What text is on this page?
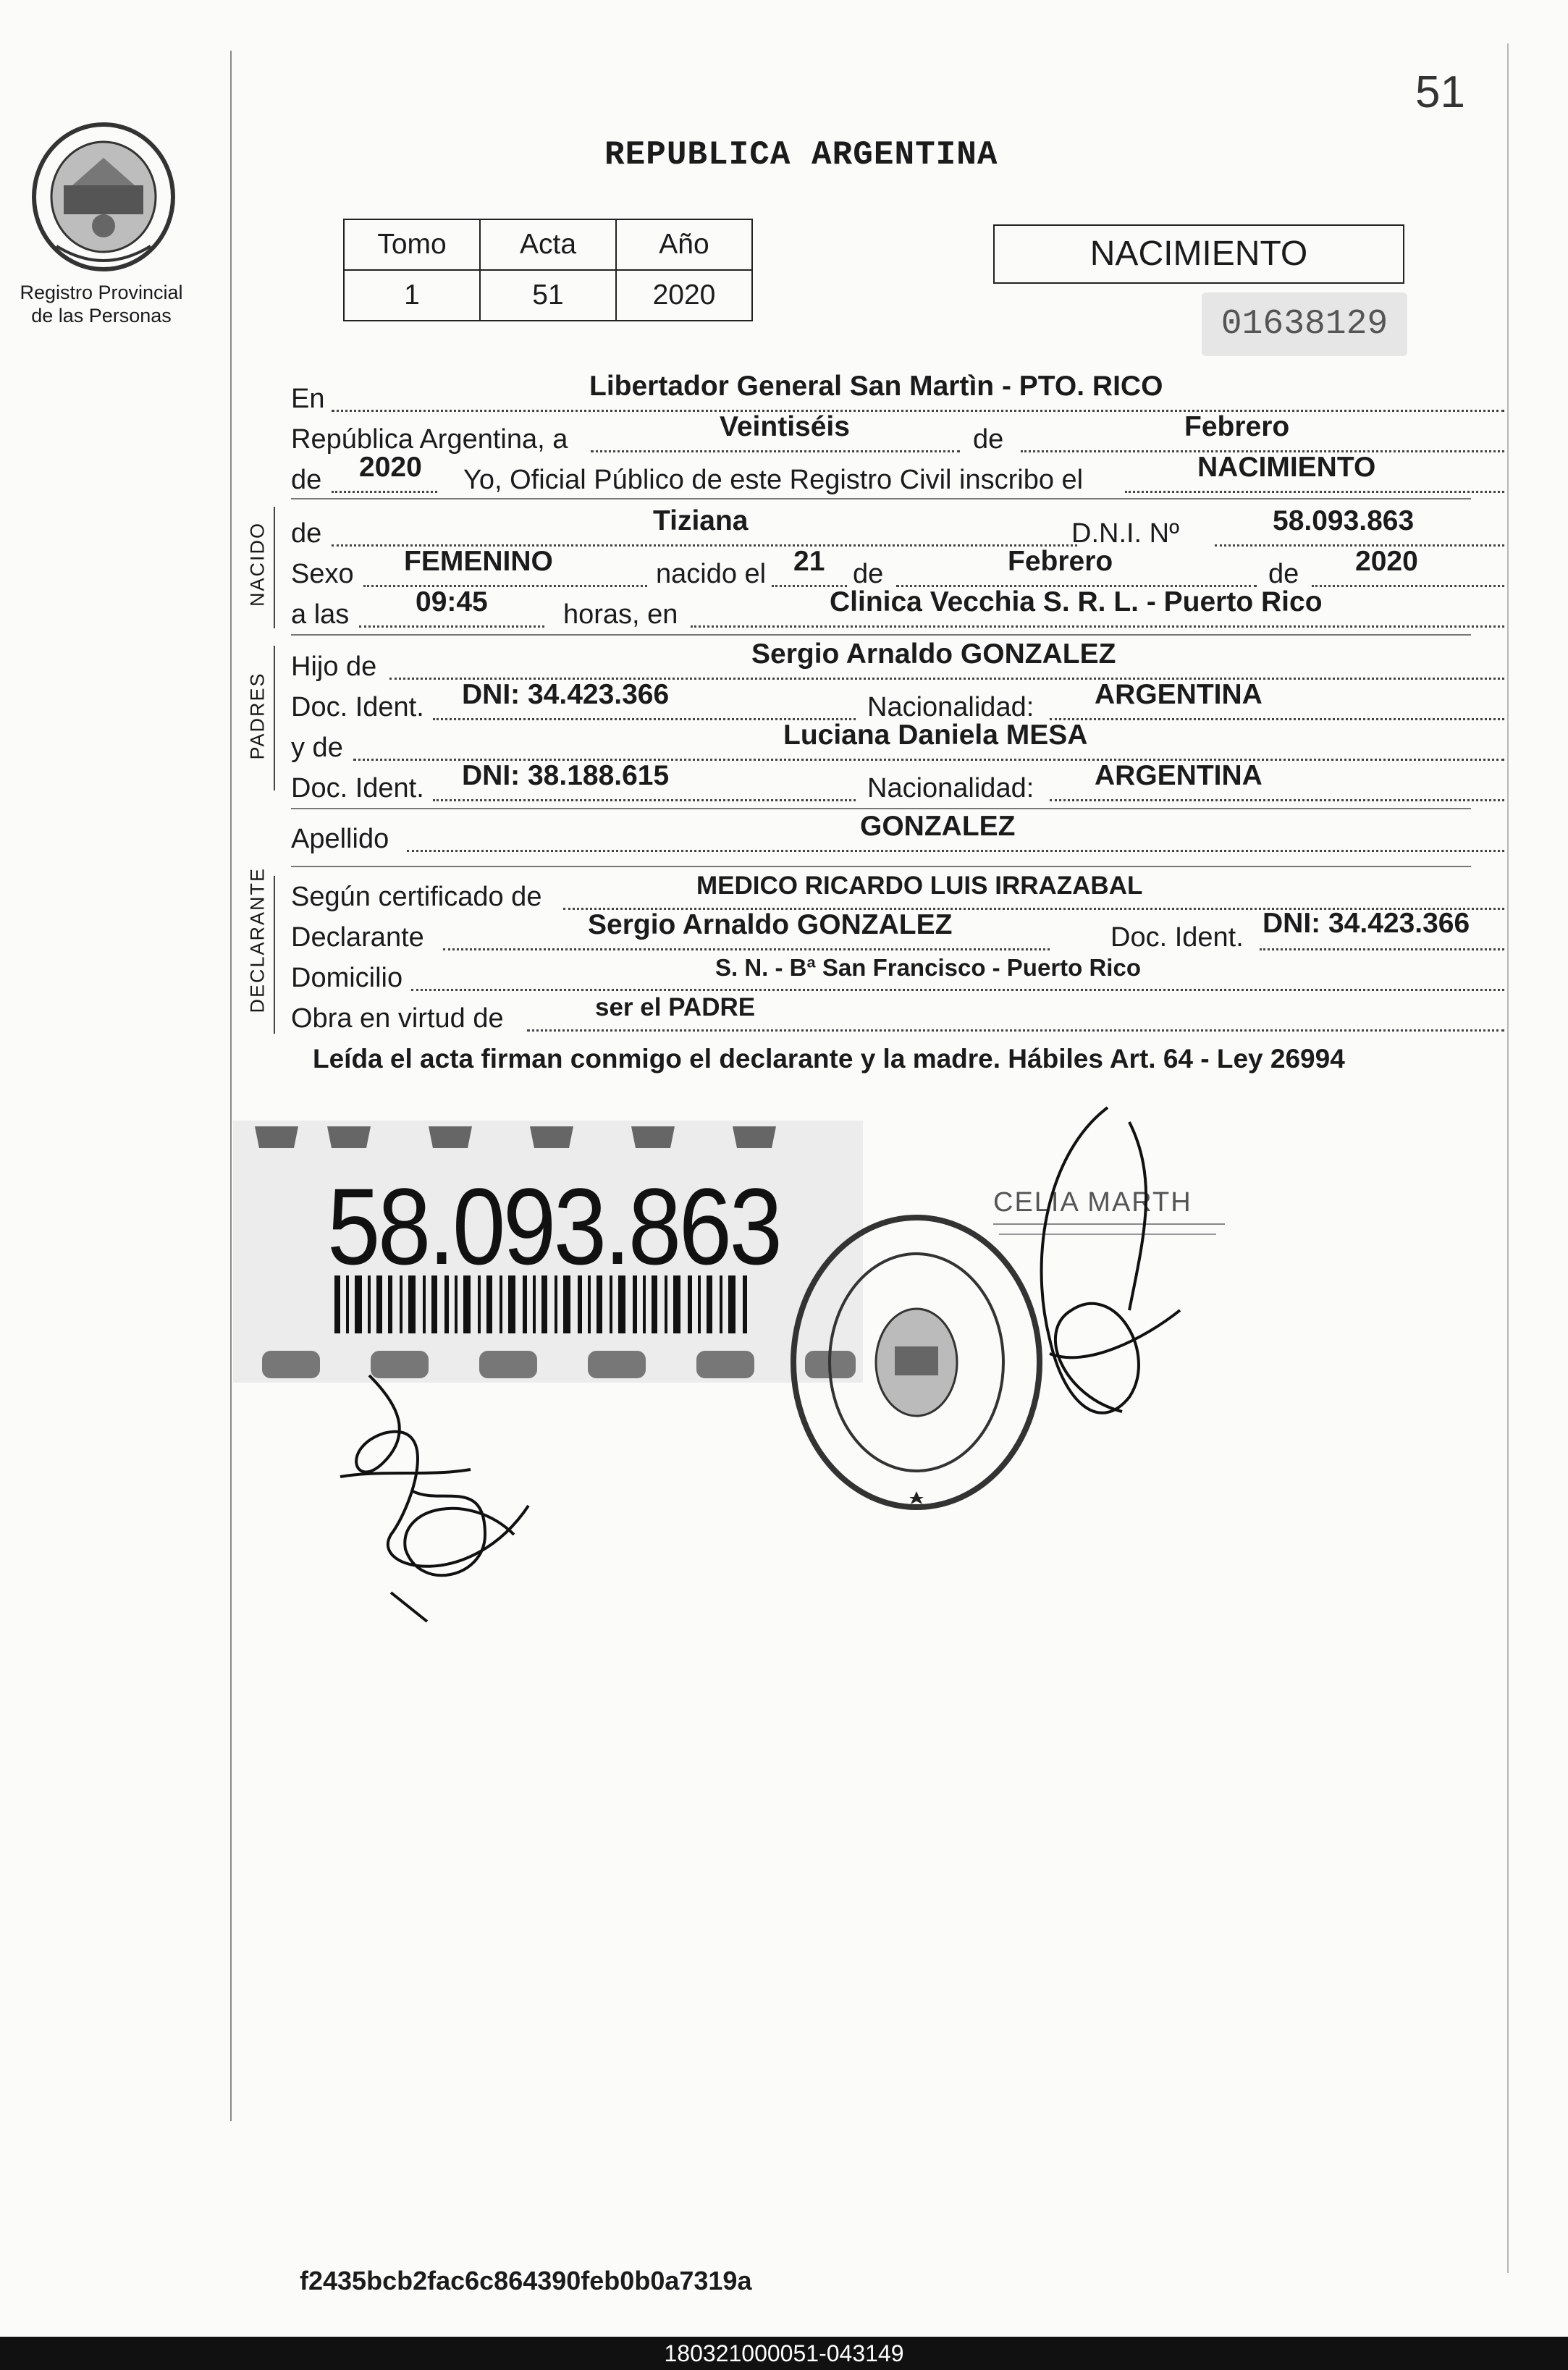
51
Registro Provincial
de las Personas
REPUBLICA ARGENTINA
Tomo	Acta	Año
1	51	2020
NACIMIENTO
01638129
En	Libertador General San Martìn - PTO. RICO
República Argentina, a	Veintiséis	de	Febrero
de 2020 Yo, Oficial Público de este Registro Civil inscribo el	NACIMIENTO
NACIDO de	Tiziana	D.N.I. Nº	58.093.863
Sexo FEMENINO	nacido el 21 de	Febrero	de 2020
a las 09:45	horas, en	Clinica Vecchia S. R. L. - Puerto Rico
PADRES
Hijo de	Sergio Arnaldo GONZALEZ
Doc. Ident. DNI: 34.423.366	Nacionalidad: ARGENTINA
y de	Luciana Daniela MESA
Doc. Ident. DNI: 38.188.615	Nacionalidad: ARGENTINA
Apellido	GONZALEZ
DECLARANTE Según certificado de	MEDICO RICARDO LUIS IRRAZABAL
Declarante	Sergio Arnaldo GONZALEZ	Doc. Ident. DNI: 34.423.366
Domicilio	S. N. - Bª San Francisco - Puerto Rico
Obra en virtud de	ser el PADRE
Leída el acta firman conmigo el declarante y la madre. Hábiles Art. 64 - Ley 26994
58.093.863	CELIA MARTH
f2435bcb2fac6c864390feb0b0a7319a
180321000051-043149
